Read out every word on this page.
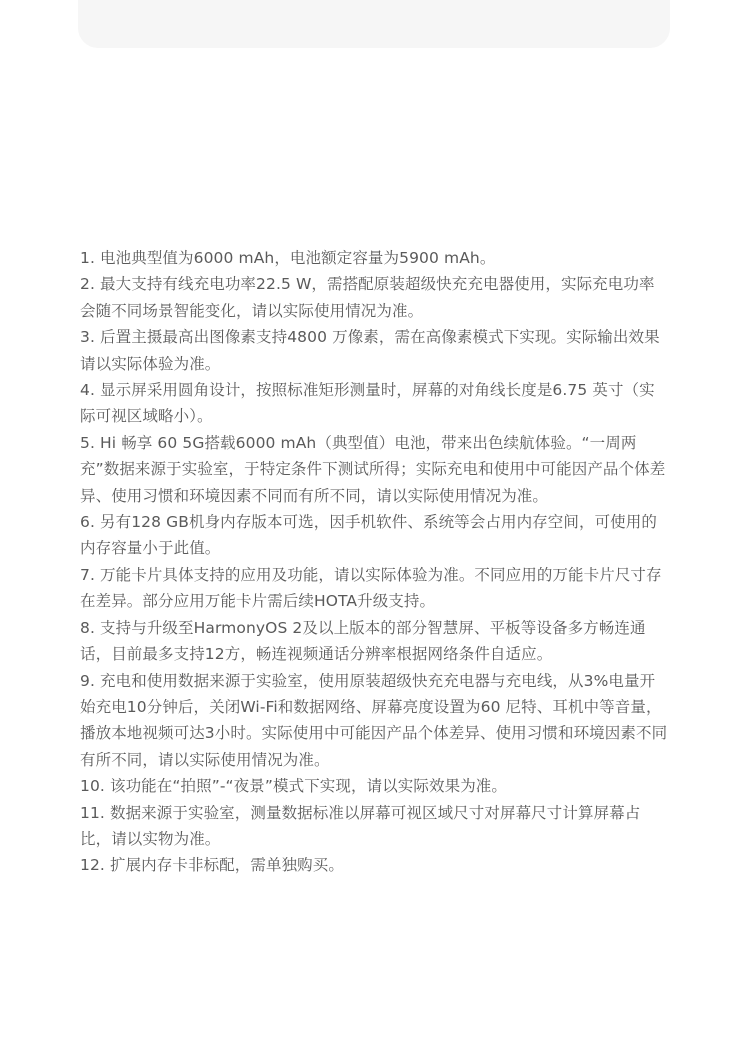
1. 电池典型值为6000 mAh，电池额定容量为5900 mAh。
2. 最大支持有线充电功率22.5 W，需搭配原装超级快充充电器使用，实际充电功率会随不同场景智能变化，请以实际使用情况为准。
3. 后置主摄最高出图像素支持4800 万像素，需在高像素模式下实现。实际输出效果请以实际体验为准。
4. 显示屏采用圆角设计，按照标准矩形测量时，屏幕的对角线长度是6.75 英寸（实际可视区域略小）。
5. Hi 畅享 60 5G搭载6000 mAh（典型值）电池，带来出色续航体验。“一周两充”数据来源于实验室，于特定条件下测试所得；实际充电和使用中可能因产品个体差异、使用习惯和环境因素不同而有所不同，请以实际使用情况为准。
6. 另有128 GB机身内存版本可选，因手机软件、系统等会占用内存空间，可使用的内存容量小于此值。
7. 万能卡片具体支持的应用及功能，请以实际体验为准。不同应用的万能卡片尺寸存在差异。部分应用万能卡片需后续HOTA升级支持。
8. 支持与升级至HarmonyOS 2及以上版本的部分智慧屏、平板等设备多方畅连通话，目前最多支持12方，畅连视频通话分辨率根据网络条件自适应。
9. 充电和使用数据来源于实验室，使用原装超级快充充电器与充电线，从3%电量开始充电10分钟后，关闭Wi-Fi和数据网络、屏幕亮度设置为60 尼特、耳机中等音量，播放本地视频可达3小时。实际使用中可能因产品个体差异、使用习惯和环境因素不同有所不同，请以实际使用情况为准。
10. 该功能在“拍照”-“夜景”模式下实现，请以实际效果为准。
11. 数据来源于实验室，测量数据标准以屏幕可视区域尺寸对屏幕尺寸计算屏幕占比，请以实物为准。
12. 扩展内存卡非标配，需单独购买。
